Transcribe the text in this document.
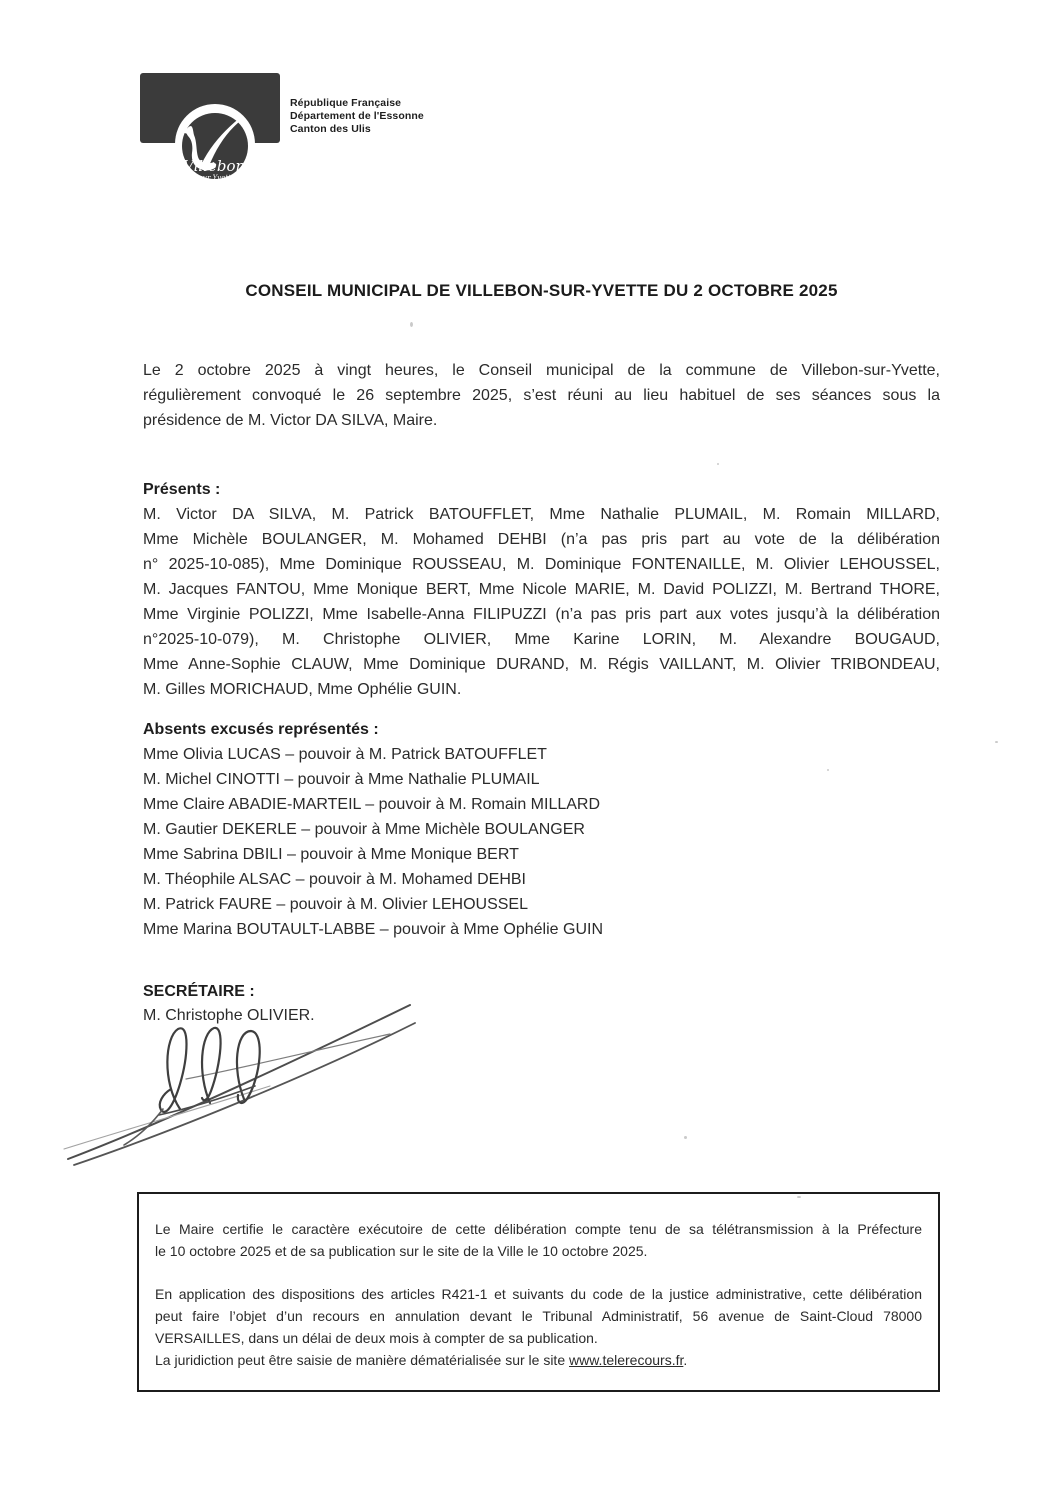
Villebon
sur Yvette
République Française
Département de l'Essonne
Canton des Ulis
CONSEIL MUNICIPAL DE VILLEBON-SUR-YVETTE DU 2 OCTOBRE 2025
Le 2 octobre 2025 à vingt heures, le Conseil municipal de la commune de Villebon-sur-Yvette,
régulièrement convoqué le 26 septembre 2025, s’est réuni au lieu habituel de ses séances sous la
présidence de M. Victor DA SILVA, Maire.
Présents :
M. Victor DA SILVA, M. Patrick BATOUFFLET, Mme Nathalie PLUMAIL, M. Romain MILLARD,
Mme Michèle BOULANGER, M. Mohamed DEHBI (n’a pas pris part au vote de la délibération
n° 2025-10-085), Mme Dominique ROUSSEAU, M. Dominique FONTENAILLE, M. Olivier LEHOUSSEL,
M. Jacques FANTOU, Mme Monique BERT, Mme Nicole MARIE, M. David POLIZZI, M. Bertrand THORE,
Mme Virginie POLIZZI, Mme Isabelle-Anna FILIPUZZI (n’a pas pris part aux votes jusqu’à la délibération
n°2025-10-079), M. Christophe OLIVIER, Mme Karine LORIN, M. Alexandre BOUGAUD,
Mme Anne-Sophie CLAUW, Mme Dominique DURAND, M. Régis VAILLANT, M. Olivier TRIBONDEAU,
M. Gilles MORICHAUD, Mme Ophélie GUIN.
Absents excusés représentés :
Mme Olivia LUCAS – pouvoir à M. Patrick BATOUFFLET
M. Michel CINOTTI – pouvoir à Mme Nathalie PLUMAIL
Mme Claire ABADIE-MARTEIL – pouvoir à M. Romain MILLARD
M. Gautier DEKERLE – pouvoir à Mme Michèle BOULANGER
Mme Sabrina DBILI – pouvoir à Mme Monique BERT
M. Théophile ALSAC – pouvoir à M. Mohamed DEHBI
M. Patrick FAURE – pouvoir à M. Olivier LEHOUSSEL
Mme Marina BOUTAULT-LABBE – pouvoir à Mme Ophélie GUIN
SECRÉTAIRE :
M. Christophe OLIVIER.
Le Maire certifie le caractère exécutoire de cette délibération compte tenu de sa télétransmission à la Préfecture
le 10 octobre 2025 et de sa publication sur le site de la Ville le 10 octobre 2025.
En application des dispositions des articles R421-1 et suivants du code de la justice administrative, cette délibération
peut faire l’objet d’un recours en annulation devant le Tribunal Administratif, 56 avenue de Saint-Cloud 78000
VERSAILLES, dans un délai de deux mois à compter de sa publication.
La juridiction peut être saisie de manière dématérialisée sur le site www.telerecours.fr.
